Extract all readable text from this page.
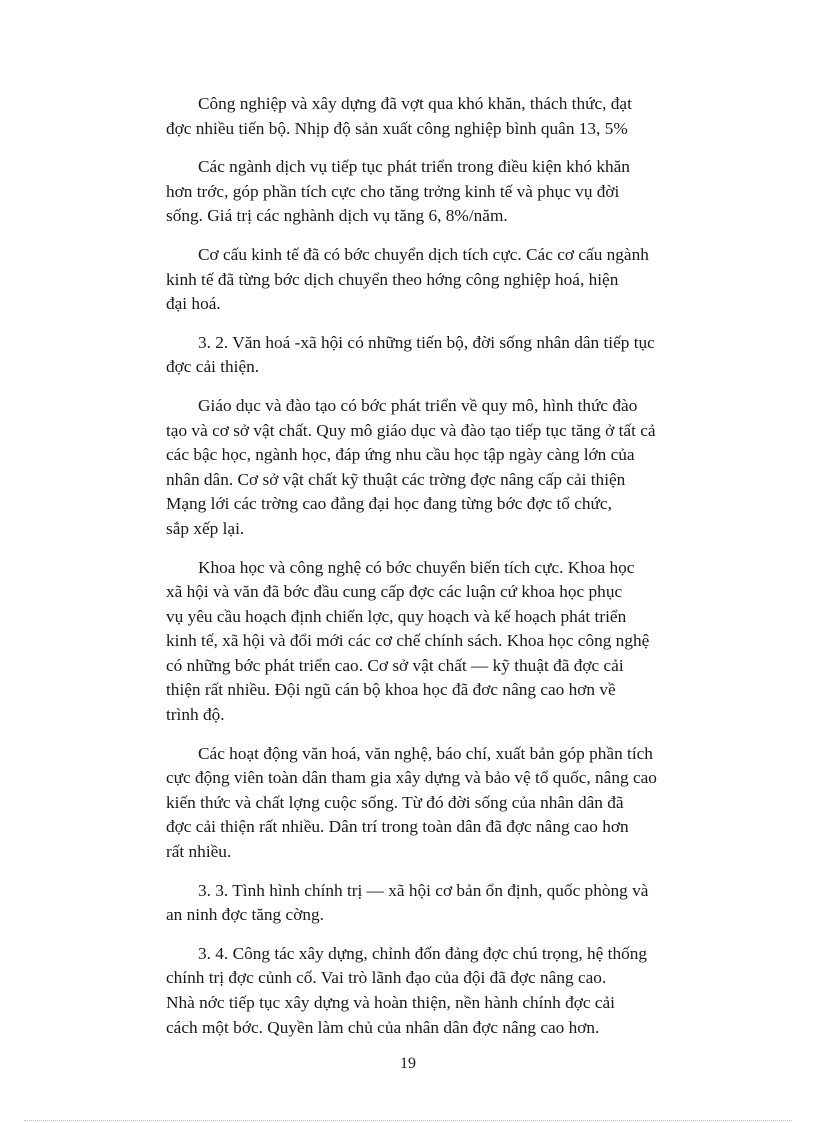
Công nghiệp và xây dựng đã vợt qua khó khăn, thách thức, đạt
đợc nhiều tiến bộ. Nhịp độ sản xuất công nghiệp bình quân 13, 5%

Các ngành dịch vụ tiếp tục phát triển trong điều kiện khó khăn
hơn trớc, góp phần tích cực cho tăng trởng kinh tế và phục vụ đời
sống. Giá trị các nghành dịch vụ tăng 6, 8%/năm.

Cơ cấu kinh tế đã có bớc chuyển dịch tích cực. Các cơ cấu ngành
kinh tế đã từng bớc dịch chuyển theo hớng công nghiệp hoá, hiện
đại hoá.

3. 2. Văn hoá -xã hội có những tiến bộ, đời sống nhân dân tiếp tục
đợc cải thiện.

Giáo dục và đào tạo có bớc phát triển về quy mô, hình thức đào
tạo và cơ sở vật chất. Quy mô giáo dục và đào tạo tiếp tục tăng ở tất cả
các bậc học, ngành học, đáp ứng nhu cầu học tập ngày càng lớn của
nhân dân. Cơ sở vật chất kỹ thuật các trờng đợc nâng cấp cải thiện
Mạng lới các trờng cao đẳng đại học đang từng bớc đợc tổ chức,
sắp xếp lại.

Khoa học và công nghệ có bớc chuyển biến tích cực. Khoa học
xã hội và văn đã bớc đầu cung cấp đợc các luận cứ khoa học phục
vụ yêu cầu hoạch định chiến lợc, quy hoạch và kế hoạch phát triển
kinh tế, xã hội và đổi mới các cơ chế chính sách. Khoa học công nghệ
có những bớc phát triển cao. Cơ sở vật chất — kỹ thuật đã đợc cải
thiện rất nhiều. Đội ngũ cán bộ khoa học đã đơc nâng cao hơn về
trình độ.

Các hoạt động văn hoá, văn nghệ, báo chí, xuất bản góp phần tích
cực động viên toàn dân tham gia xây dựng và bảo vệ tổ quốc, nâng cao
kiến thức và chất lợng cuộc sống. Từ đó đời sống của nhân dân đã
đợc cải thiện rất nhiều. Dân trí trong toàn dân đã đợc nâng cao hơn
rất nhiều.

3. 3. Tình hình chính trị — xã hội cơ bản ổn định, quốc phòng và
an ninh đợc tăng cờng.

3. 4. Công tác xây dựng, chỉnh đốn đảng đợc chú trọng, hệ thống
chính trị đợc củnh cố. Vai trò lãnh đạo của đội đã đợc nâng cao.
Nhà nớc tiếp tục xây dựng và hoàn thiện, nền hành chính đợc cải
cách một bớc. Quyền làm chủ của nhân dân đợc nâng cao hơn.

19
